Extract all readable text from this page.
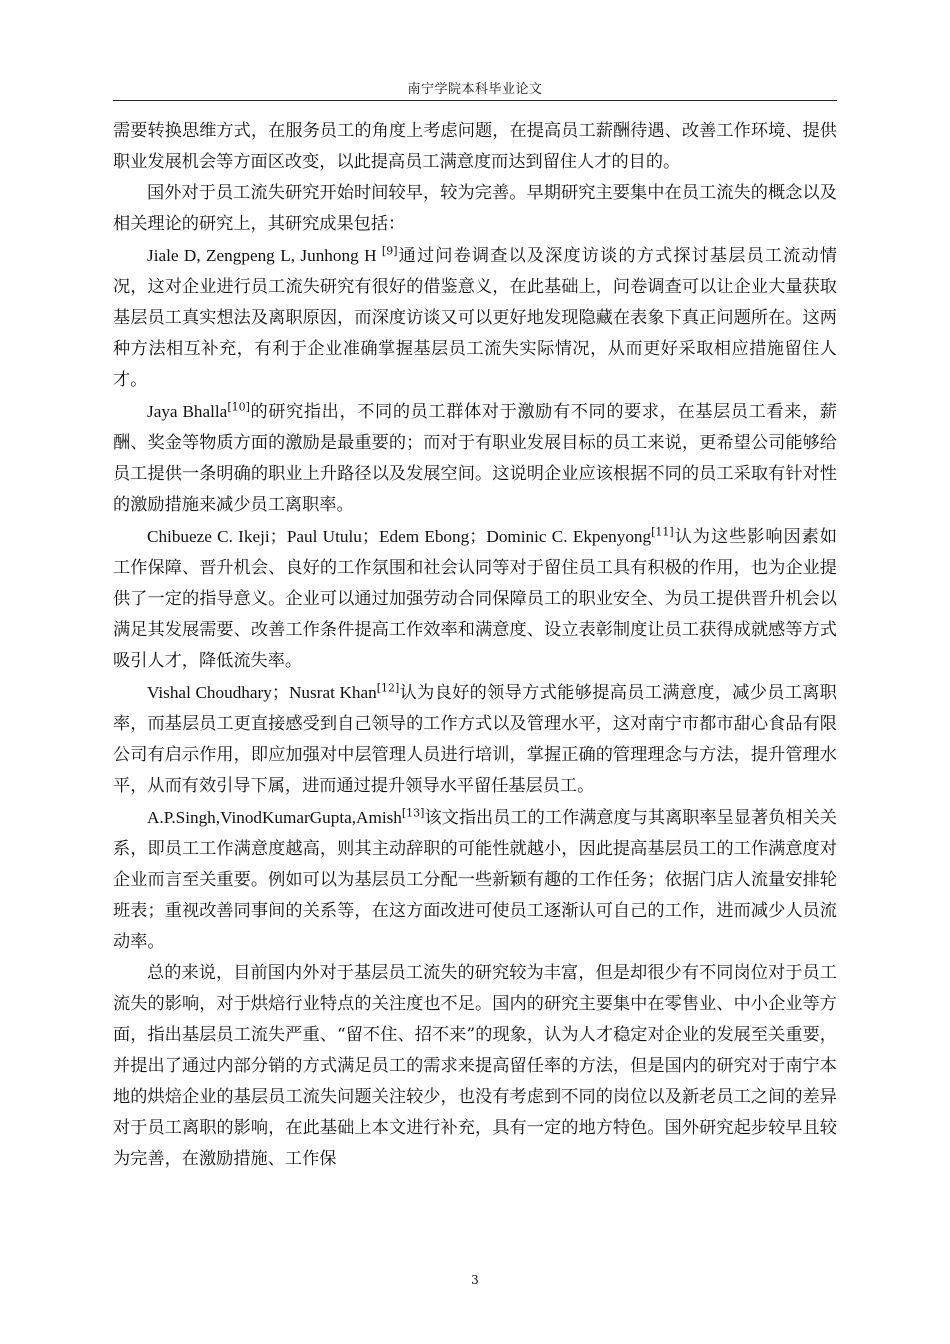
南宁学院本科毕业论文

需要转换思维方式，在服务员工的角度上考虑问题，在提高员工薪酬待遇、改善工作环境、提供职业发展机会等方面区改变，以此提高员工满意度而达到留住人才的目的。

国外对于员工流失研究开始时间较早，较为完善。早期研究主要集中在员工流失的概念以及相关理论的研究上，其研究成果包括：

Jiale D, Zengpeng L, Junhong H [9]通过问卷调查以及深度访谈的方式探讨基层员工流动情况，这对企业进行员工流失研究有很好的借鉴意义，在此基础上，问卷调查可以让企业大量获取基层员工真实想法及离职原因，而深度访谈又可以更好地发现隐藏在表象下真正问题所在。这两种方法相互补充，有利于企业准确掌握基层员工流失实际情况，从而更好采取相应措施留住人才。

Jaya Bhalla[10]的研究指出，不同的员工群体对于激励有不同的要求，在基层员工看来，薪酬、奖金等物质方面的激励是最重要的；而对于有职业发展目标的员工来说，更希望公司能够给员工提供一条明确的职业上升路径以及发展空间。这说明企业应该根据不同的员工采取有针对性的激励措施来减少员工离职率。

Chibueze C. Ikeji；Paul Utulu；Edem Ebong；Dominic C. Ekpenyong[11]认为这些影响因素如工作保障、晋升机会、良好的工作氛围和社会认同等对于留住员工具有积极的作用，也为企业提供了一定的指导意义。企业可以通过加强劳动合同保障员工的职业安全、为员工提供晋升机会以满足其发展需要、改善工作条件提高工作效率和满意度、设立表彰制度让员工获得成就感等方式吸引人才，降低流失率。

Vishal Choudhary；Nusrat Khan[12]认为良好的领导方式能够提高员工满意度，减少员工离职率，而基层员工更直接感受到自己领导的工作方式以及管理水平，这对南宁市都市甜心食品有限公司有启示作用，即应加强对中层管理人员进行培训，掌握正确的管理理念与方法，提升管理水平，从而有效引导下属，进而通过提升领导水平留任基层员工。

A.P.Singh,VinodKumarGupta,Amish[13]该文指出员工的工作满意度与其离职率呈显著负相关关系，即员工工作满意度越高，则其主动辞职的可能性就越小，因此提高基层员工的工作满意度对企业而言至关重要。例如可以为基层员工分配一些新颖有趣的工作任务；依据门店人流量安排轮班表；重视改善同事间的关系等，在这方面改进可使员工逐渐认可自己的工作，进而减少人员流动率。

总的来说，目前国内外对于基层员工流失的研究较为丰富，但是却很少有不同岗位对于员工流失的影响，对于烘焙行业特点的关注度也不足。国内的研究主要集中在零售业、中小企业等方面，指出基层员工流失严重、“留不住、招不来”的现象，认为人才稳定对企业的发展至关重要，并提出了通过内部分销的方式满足员工的需求来提高留任率的方法，但是国内的研究对于南宁本地的烘焙企业的基层员工流失问题关注较少，也没有考虑到不同的岗位以及新老员工之间的差异对于员工离职的影响，在此基础上本文进行补充，具有一定的地方特色。国外研究起步较早且较为完善，在激励措施、工作保

3
